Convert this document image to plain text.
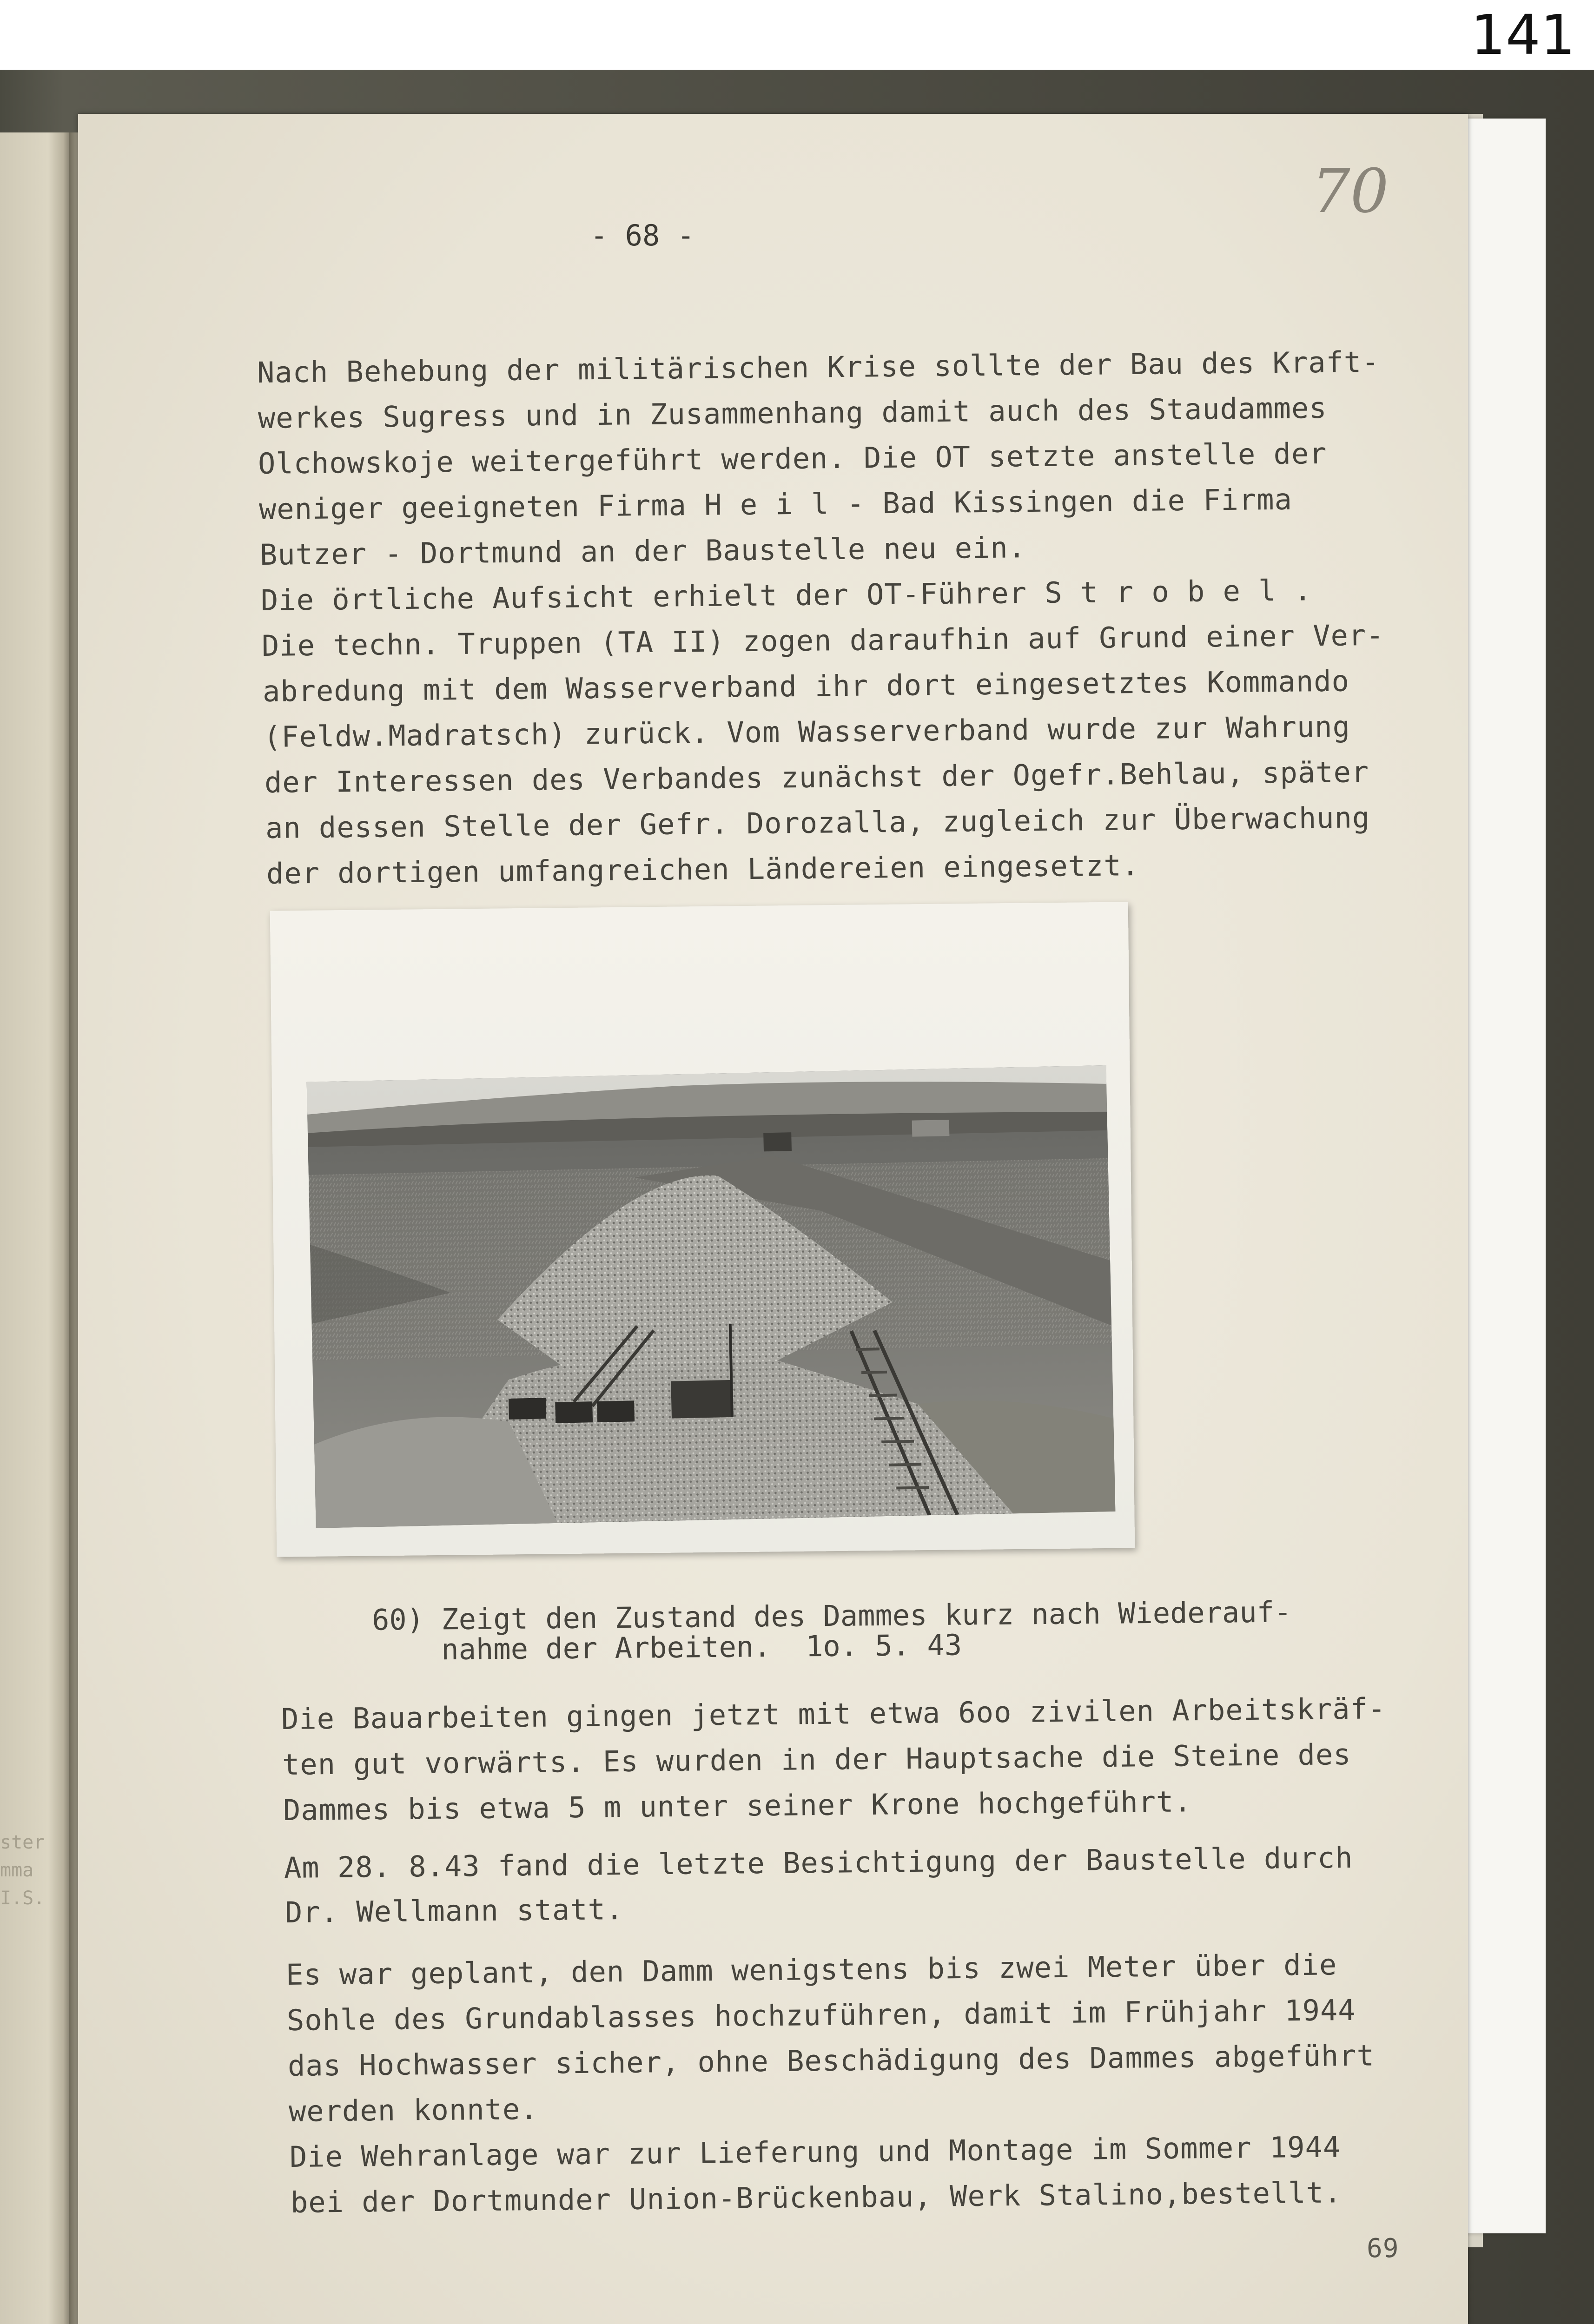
141
ster
mma
I.S.
70
- 68 -
Nach Behebung der militärischen Krise sollte der Bau des Kraft-
werkes Sugress und in Zusammenhang damit auch des Staudammes
Olchowskoje weitergeführt werden. Die OT setzte anstelle der
weniger geeigneten Firma H e i l - Bad Kissingen die Firma
Butzer - Dortmund an der Baustelle neu ein.
Die örtliche Aufsicht erhielt der OT-Führer S t r o b e l .
Die techn. Truppen (TA II) zogen daraufhin auf Grund einer Ver-
abredung mit dem Wasserverband ihr dort eingesetztes Kommando
(Feldw.Madratsch) zurück. Vom Wasserverband wurde zur Wahrung
der Interessen des Verbandes zunächst der Ogefr.Behlau, später
an dessen Stelle der Gefr. Dorozalla, zugleich zur Überwachung
der dortigen umfangreichen Ländereien eingesetzt.
60) Zeigt den Zustand des Dammes kurz nach Wiederauf-
nahme der Arbeiten.  1o. 5. 43
Die Bauarbeiten gingen jetzt mit etwa 6oo zivilen Arbeitskräf-
ten gut vorwärts. Es wurden in der Hauptsache die Steine des
Dammes bis etwa 5 m unter seiner Krone hochgeführt.
Am 28. 8.43 fand die letzte Besichtigung der Baustelle durch
Dr. Wellmann statt.
Es war geplant, den Damm wenigstens bis zwei Meter über die
Sohle des Grundablasses hochzuführen, damit im Frühjahr 1944
das Hochwasser sicher, ohne Beschädigung des Dammes abgeführt
werden konnte.
Die Wehranlage war zur Lieferung und Montage im Sommer 1944
bei der Dortmunder Union-Brückenbau, Werk Stalino,bestellt.
69
